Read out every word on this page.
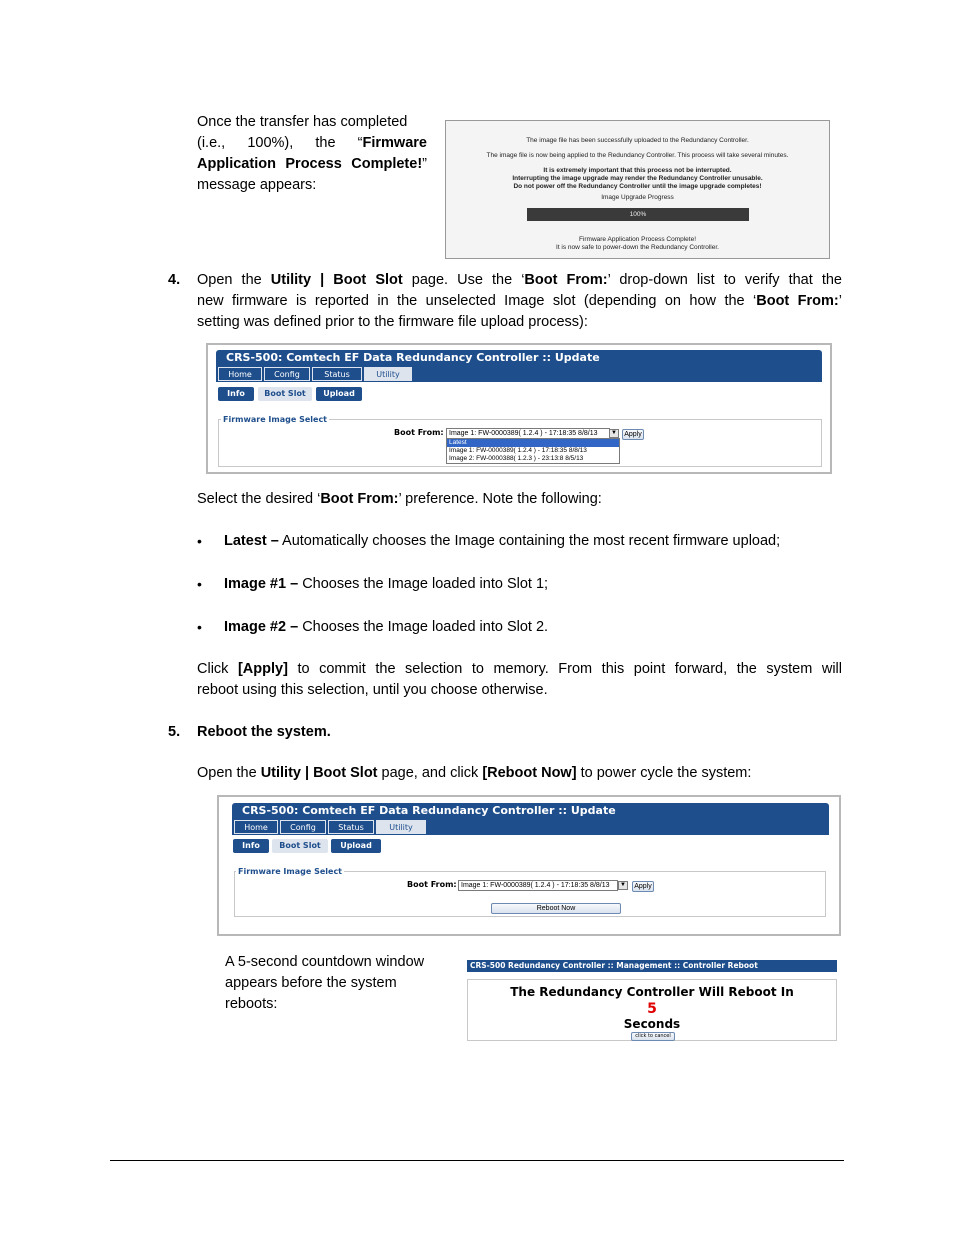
Once the transfer has completed
(i.e., 100%), the “Firmware
Application Process Complete!”
message appears:
The image file has been successfully uploaded to the Redundancy Controller.
The image file is now being applied to the Redundancy Controller. This process will take several minutes.
It is extremely important that this process not be interrupted.
Interrupting the image upgrade may render the Redundancy Controller unusable.
Do not power off the Redundancy Controller until the image upgrade completes!
Image Upgrade Progress
100%
Firmware Application Process Complete!
It is now safe to power-down the Redundancy Controller.
4. Open the Utility | Boot Slot page. Use the ‘Boot From:’ drop-down list to verify that the
new firmware is reported in the unselected Image slot (depending on how the ‘Boot From:’
setting was defined prior to the firmware file upload process):
CRS-500: Comtech EF Data Redundancy Controller :: Update
Home	Config	Status	Utility
Info	Boot Slot	Upload
Firmware Image Select
Boot From: Image 1: FW-0000389( 1.2.4 ) - 17:18:35 8/8/13	▼	Apply
Latest
Image 1: FW-0000389( 1.2.4 ) - 17:18:35 8/8/13
Image 2: FW-0000388( 1.2.3 ) - 23:13:8 8/5/13
Select the desired ‘Boot From:’ preference. Note the following:
• Latest – Automatically chooses the Image containing the most recent firmware upload;
• Image #1 – Chooses the Image loaded into Slot 1;
• Image #2 – Chooses the Image loaded into Slot 2.
Click [Apply] to commit the selection to memory. From this point forward, the system will
reboot using this selection, until you choose otherwise.
5. Reboot the system.
Open the Utility | Boot Slot page, and click [Reboot Now] to power cycle the system:
CRS-500: Comtech EF Data Redundancy Controller :: Update
Home	Config	Status	Utility
Info	Boot Slot	Upload
Firmware Image Select
Boot From: Image 1: FW-0000389( 1.2.4 ) - 17:18:35 8/8/13	▼	Apply
Reboot Now
A 5-second countdown window
appears before the system
reboots:
CRS-500 Redundancy Controller :: Management :: Controller Reboot
The Redundancy Controller Will Reboot In
5
Seconds
click to cancel
